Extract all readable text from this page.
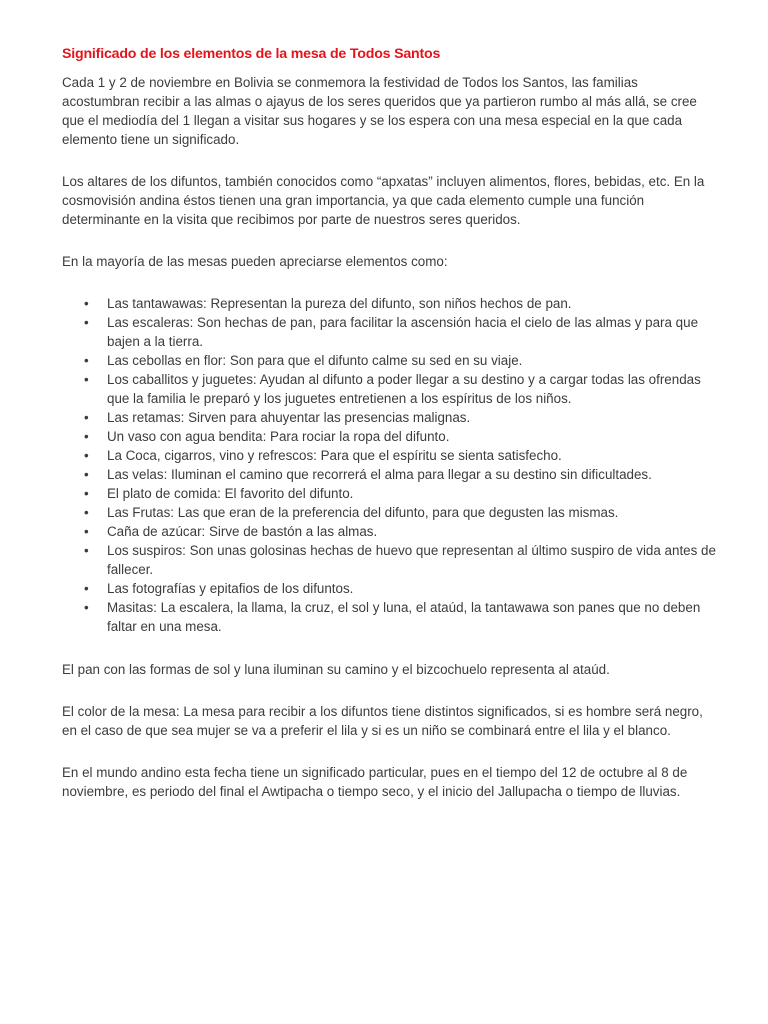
Significado de los elementos de la mesa de Todos Santos

Cada 1 y 2 de noviembre en Bolivia se conmemora la festividad de Todos los Santos, las familias acostumbran recibir a las almas o ajayus de los seres queridos que ya partieron rumbo al más allá, se cree que el mediodía del 1 llegan a visitar sus hogares y se los espera con una mesa especial en la que cada elemento tiene un significado.

Los altares de los difuntos, también conocidos como “apxatas” incluyen alimentos, flores, bebidas, etc. En la cosmovisión andina éstos tienen una gran importancia, ya que cada elemento cumple una función determinante en la visita que recibimos por parte de nuestros seres queridos.

En la mayoría de las mesas pueden apreciarse elementos como:

• Las tantawawas: Representan la pureza del difunto, son niños hechos de pan.
• Las escaleras: Son hechas de pan, para facilitar la ascensión hacia el cielo de las almas y para que bajen a la tierra.
• Las cebollas en flor: Son para que el difunto calme su sed en su viaje.
• Los caballitos y juguetes: Ayudan al difunto a poder llegar a su destino y a cargar todas las ofrendas que la familia le preparó y los juguetes entretienen a los espíritus de los niños.
• Las retamas: Sirven para ahuyentar las presencias malignas.
• Un vaso con agua bendita: Para rociar la ropa del difunto.
• La Coca, cigarros, vino y refrescos: Para que el espíritu se sienta satisfecho.
• Las velas: Iluminan el camino que recorrerá el alma para llegar a su destino sin dificultades.
• El plato de comida: El favorito del difunto.
• Las Frutas: Las que eran de la preferencia del difunto, para que degusten las mismas.
• Caña de azúcar: Sirve de bastón a las almas.
• Los suspiros: Son unas golosinas hechas de huevo que representan al último suspiro de vida antes de fallecer.
• Las fotografías y epitafios de los difuntos.
• Masitas: La escalera, la llama, la cruz, el sol y luna, el ataúd, la tantawawa son panes que no deben faltar en una mesa.

El pan con las formas de sol y luna iluminan su camino y el bizcochuelo representa al ataúd.

El color de la mesa: La mesa para recibir a los difuntos tiene distintos significados, si es hombre será negro, en el caso de que sea mujer se va a preferir el lila y si es un niño se combinará entre el lila y el blanco.

En el mundo andino esta fecha tiene un significado particular, pues en el tiempo del 12 de octubre al 8 de noviembre, es periodo del final el Awtipacha o tiempo seco, y el inicio del Jallupacha o tiempo de lluvias.
